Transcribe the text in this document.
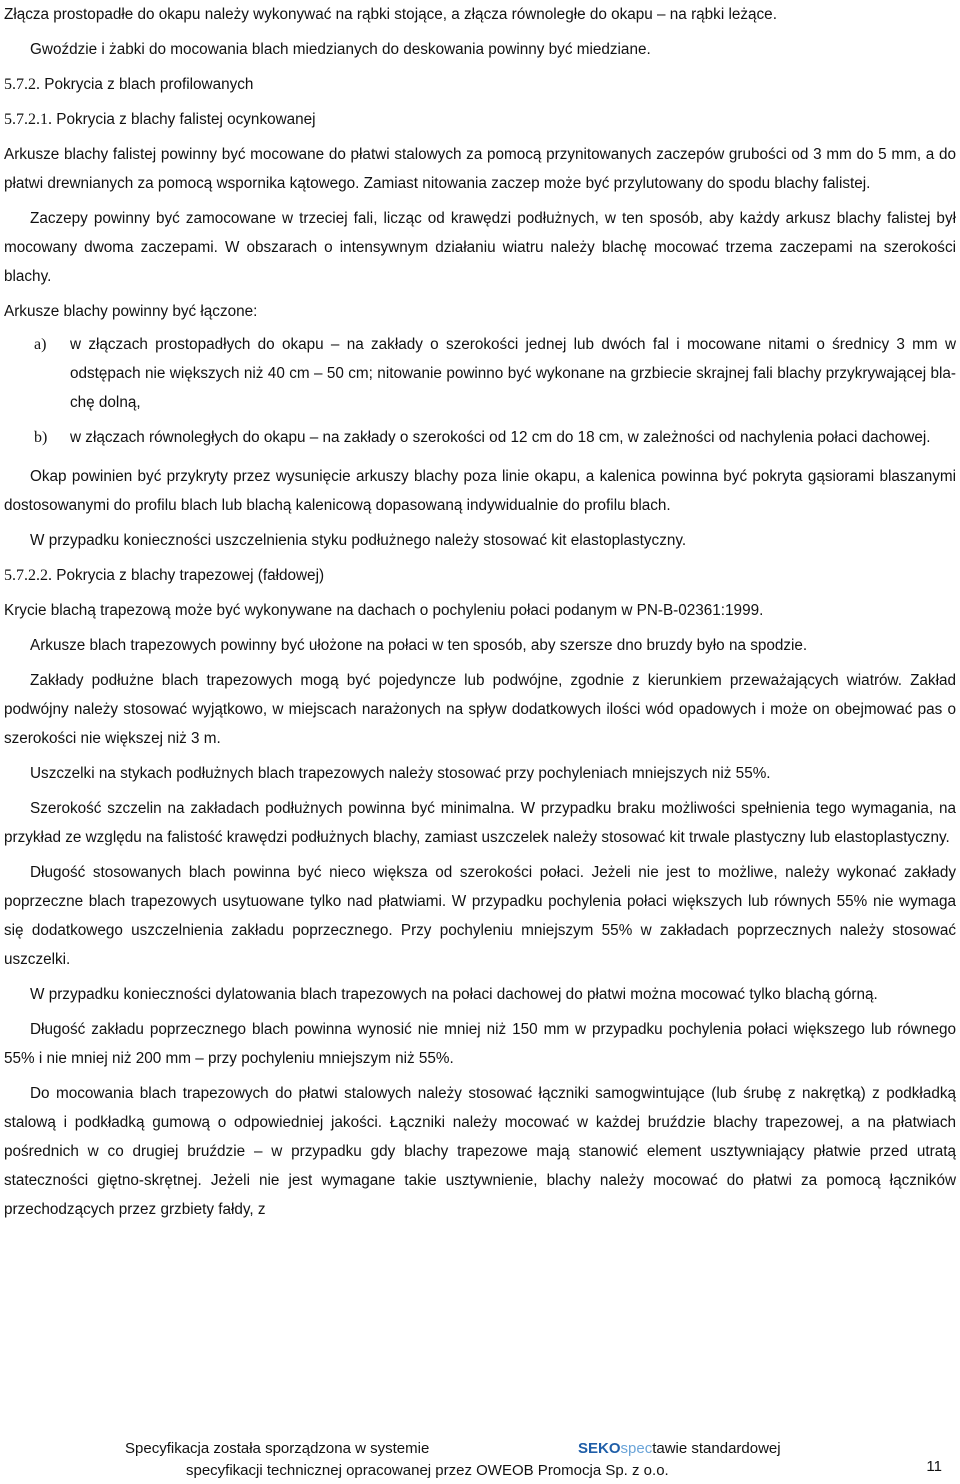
Złącza prostopadłe do okapu należy wykonywać na rąbki stojące, a złącza równoległe do okapu – na rąbki leżące.

Gwoździe i żabki do mocowania blach miedzianych do deskowania powinny być miedziane.

5.7.2. Pokrycia z blach profilowanych

5.7.2.1. Pokrycia z blachy falistej ocynkowanej

Arkusze blachy falistej powinny być mocowane do płatwi stalowych za pomocą przynitowanych zaczepów grubości od 3 mm do 5 mm, a do płatwi drewnianych za pomocą wspornika kątowego. Zamiast nitowania zaczep może być przylutowany do spodu blachy falistej.

Zaczepy powinny być zamocowane w trzeciej fali, licząc od krawędzi podłużnych, w ten sposób, aby każdy arkusz blachy falistej był mocowany dwoma zaczepami. W obszarach o intensywnym działaniu wiatru należy blachę mocować trzema zaczepami na szerokości blachy.

Arkusze blachy powinny być łączone:

a)	w złączach prostopadłych do okapu – na zakłady o szerokości jednej lub dwóch fal i mocowane nitami o średnicy 3 mm w odstępach nie większych niż 40 cm – 50 cm; nitowanie powinno być wykonane na grzbiecie skrajnej fali blachy przykrywającej bla-chę dolną,
b)	w złączach równoległych do okapu – na zakłady o szerokości od 12 cm do 18 cm, w zależności od nachylenia połaci dachowej.

Okap powinien być przykryty przez wysunięcie arkuszy blachy poza linie okapu, a kalenica powinna być pokryta gąsiorami blaszanymi dostosowanymi do profilu blach lub blachą kalenicową dopasowaną indywidualnie do profilu blach.

W przypadku konieczności uszczelnienia styku podłużnego należy stosować kit elastoplastyczny.

5.7.2.2. Pokrycia z blachy trapezowej (fałdowej)

Krycie blachą trapezową może być wykonywane na dachach o pochyleniu połaci podanym w PN-B-02361:1999.

Arkusze blach trapezowych powinny być ułożone na połaci w ten sposób, aby szersze dno bruzdy było na spodzie.

Zakłady podłużne blach trapezowych mogą być pojedyncze lub podwójne, zgodnie z kierunkiem przeważających wiatrów. Zakład podwójny należy stosować wyjątkowo, w miejscach narażonych na spływ dodatkowych ilości wód opadowych i może on obejmować pas o szerokości nie większej niż 3 m.

Uszczelki na stykach podłużnych blach trapezowych należy stosować przy pochyleniach mniejszych niż 55%.

Szerokość szczelin na zakładach podłużnych powinna być minimalna. W przypadku braku możliwości spełnienia tego wymagania, na przykład ze względu na falistość krawędzi podłużnych blachy, zamiast uszczelek należy stosować kit trwale plastyczny lub elastoplastyczny.

Długość stosowanych blach powinna być nieco większa od szerokości połaci. Jeżeli nie jest to możliwe, należy wykonać zakłady poprzeczne blach trapezowych usytuowane tylko nad płatwiami. W przypadku pochylenia połaci większych lub równych 55% nie wymaga się dodatkowego uszczelnienia zakładu poprzecznego. Przy pochyleniu mniejszym 55% w zakładach poprzecznych należy stosować uszczelki.

W przypadku konieczności dylatowania blach trapezowych na połaci dachowej do płatwi można mocować tylko blachą górną.

Długość zakładu poprzecznego blach powinna wynosić nie mniej niż 150 mm w przypadku pochylenia połaci większego lub równego 55% i nie mniej niż 200 mm – przy pochyleniu mniejszym niż 55%.

Do mocowania blach trapezowych do płatwi stalowych należy stosować łączniki samogwintujące (lub śrubę z nakrętką) z podkładką stalową i podkładką gumową o odpowiedniej jakości. Łączniki należy mocować w każdej bruździe blachy trapezowej, a na płatwiach pośrednich w co drugiej bruździe – w przypadku gdy blachy trapezowe mają stanowić element usztywniający płatwie przed utratą stateczności giętno-skrętnej. Jeżeli nie jest wymagane takie usztywnienie, blachy należy mocować do płatwi za pomocą łączników przechodzących przez grzbiety fałdy, z

Specyfikacja została sporządzona w systemie	SEKOspectawie standardowej
specyfikacji technicznej opracowanej przez OWEOB Promocja Sp. z o.o.	11
